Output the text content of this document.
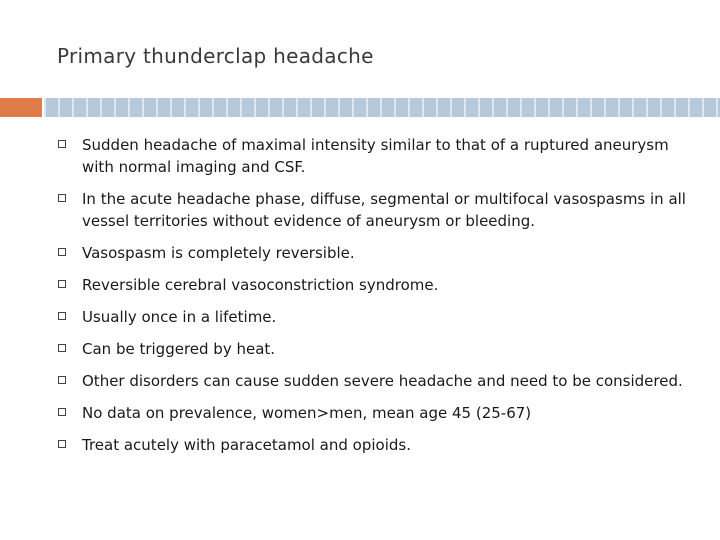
Primary thunderclap headache
Sudden headache of maximal intensity similar to that of a ruptured aneurysm with normal imaging and CSF.
In the acute headache phase, diffuse, segmental or multifocal vasospasms in all vessel territories without evidence of aneurysm or bleeding.
Vasospasm is completely reversible.
Reversible cerebral vasoconstriction syndrome.
Usually once in a lifetime.
Can be triggered by heat.
Other disorders can cause sudden severe headache and need to be considered.
No data on prevalence, women>men, mean age 45 (25-67)
Treat acutely with paracetamol and opioids.
